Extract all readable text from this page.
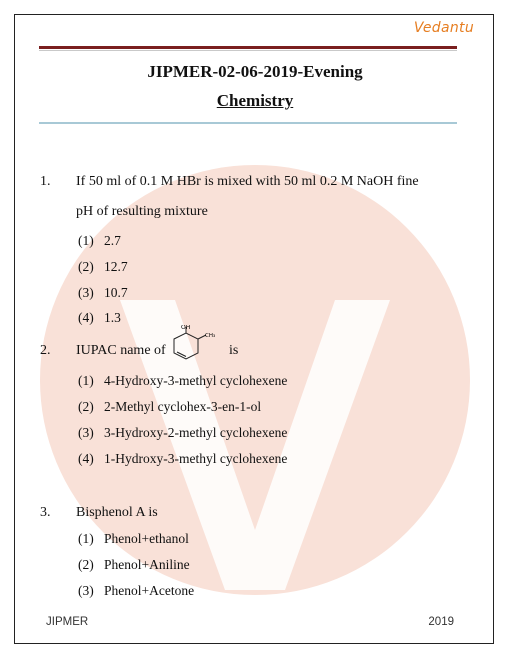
Vedantu
JIPMER-02-06-2019-Evening
Chemistry
1. If 50 ml of 0.1 M HBr is mixed with 50 ml 0.2 M NaOH fine
pH of resulting mixture
(1) 2.7
(2) 12.7
(3) 10.7
(4) 1.3
2. IUPAC name of
OH
CH₃
is
(1) 4-Hydroxy-3-methyl cyclohexene
(2) 2-Methyl cyclohex-3-en-1-ol
(3) 3-Hydroxy-2-methyl cyclohexene
(4) 1-Hydroxy-3-methyl cyclohexene
3. Bisphenol A is
(1) Phenol+ethanol
(2) Phenol+Aniline
(3) Phenol+Acetone
JIPMER	2019
